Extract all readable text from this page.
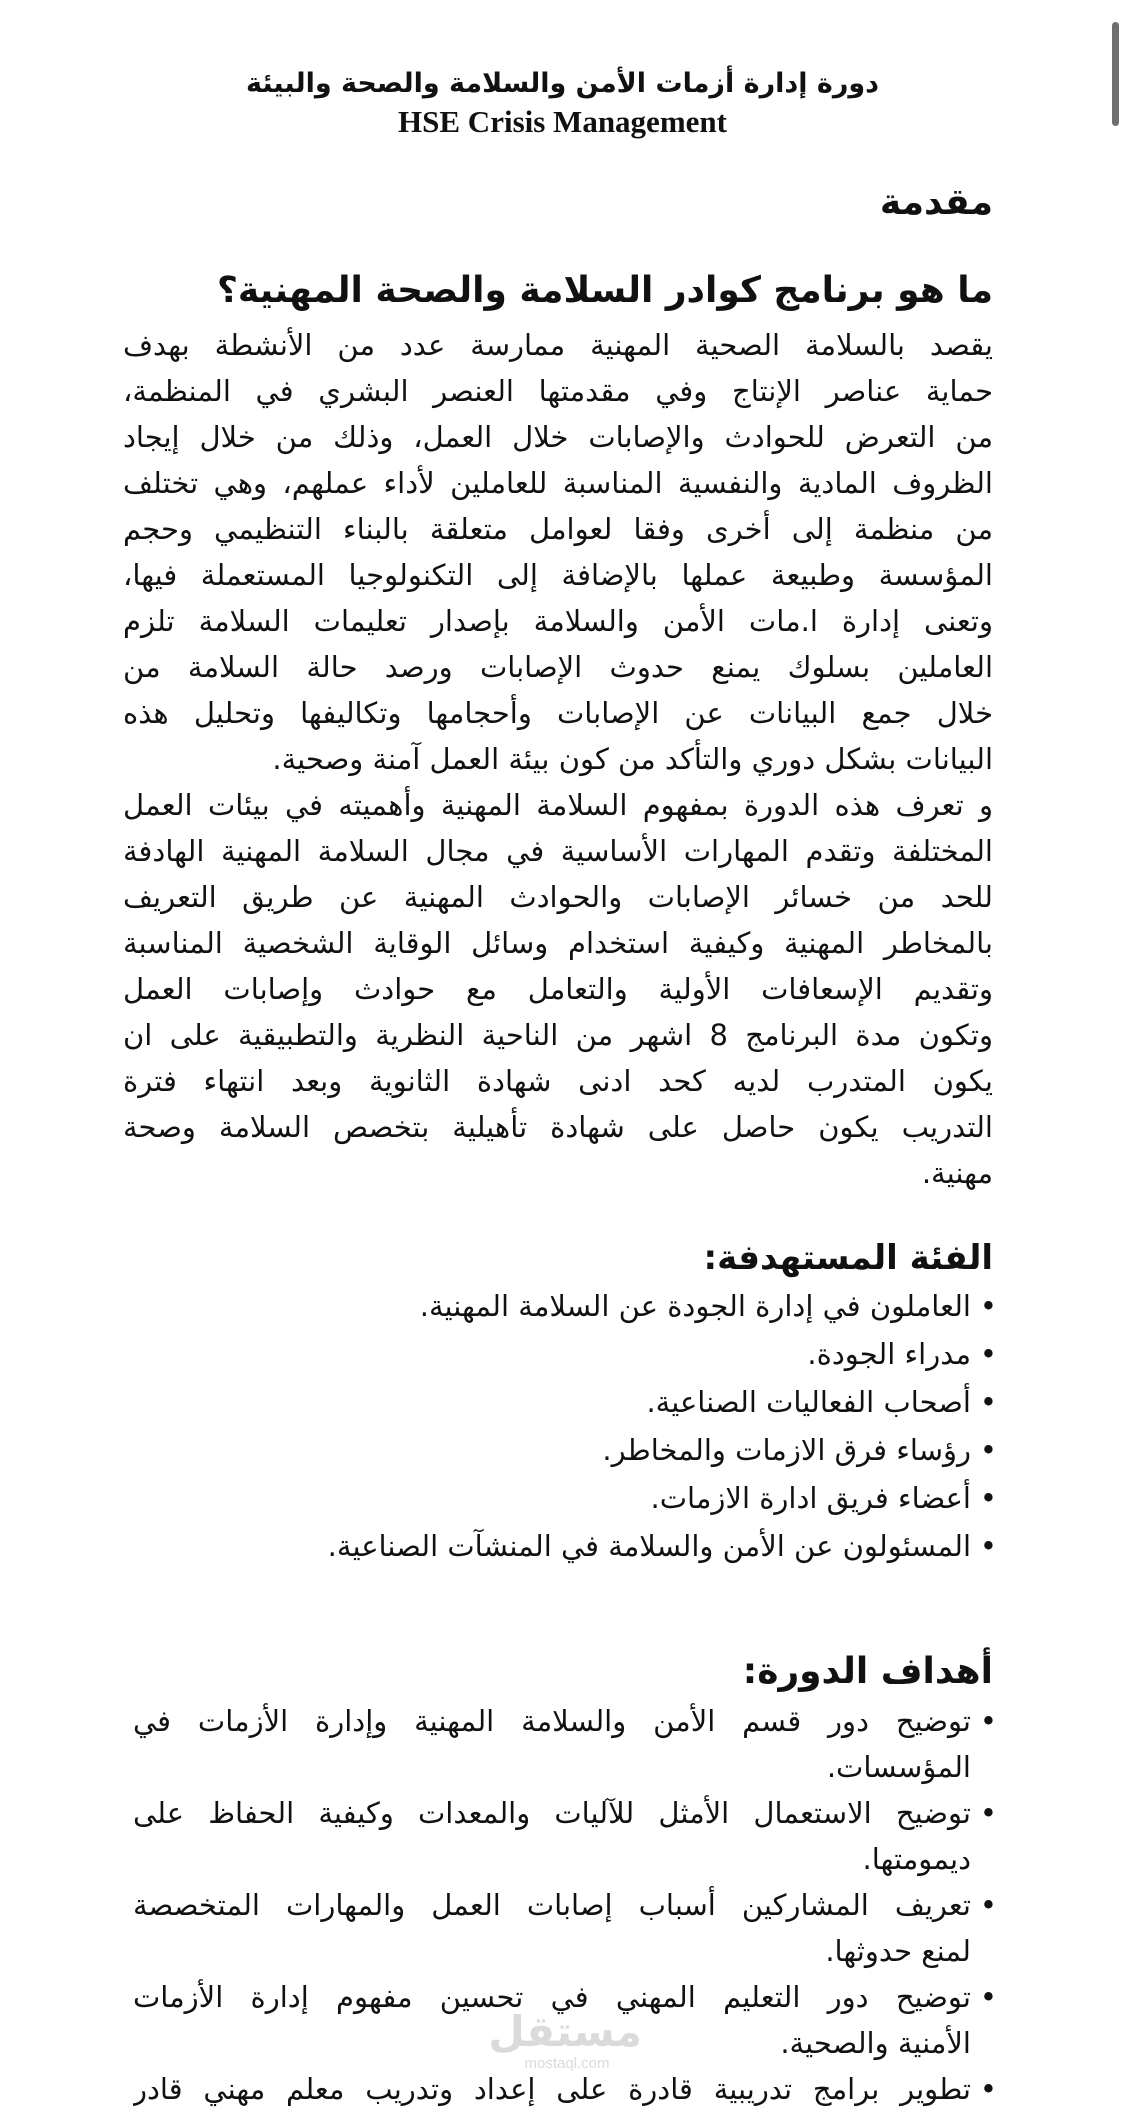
دورة إدارة أزمات الأمن والسلامة والصحة والبيئة
HSE Crisis Management
مقدمة
ما هو برنامج كوادر السلامة والصحة المهنية؟
يقصد بالسلامة الصحية المهنية ممارسة عدد من الأنشطة بهدف
حماية عناصر الإنتاج وفي مقدمتها العنصر البشري في المنظمة،
من التعرض للحوادث والإصابات خلال العمل، وذلك من خلال إيجاد
الظروف المادية والنفسية المناسبة للعاملين لأداء عملهم، وهي تختلف
من منظمة إلى أخرى وفقا لعوامل متعلقة بالبناء التنظيمي وحجم
المؤسسة وطبيعة عملها بالإضافة إلى التكنولوجيا المستعملة فيها،
وتعنى إدارة ا.مات الأمن والسلامة بإصدار تعليمات السلامة تلزم
العاملين بسلوك يمنع حدوث الإصابات ورصد حالة السلامة من
خلال جمع البيانات عن الإصابات وأحجامها وتكاليفها وتحليل هذه
البيانات بشكل دوري والتأكد من كون بيئة العمل آمنة وصحية.
و تعرف هذه الدورة بمفهوم السلامة المهنية وأهميته في بيئات العمل
المختلفة وتقدم المهارات الأساسية في مجال السلامة المهنية الهادفة
للحد من خسائر الإصابات والحوادث المهنية عن طريق التعريف
بالمخاطر المهنية وكيفية استخدام وسائل الوقاية الشخصية المناسبة
وتقديم الإسعافات الأولية والتعامل مع حوادث وإصابات العمل
وتكون مدة البرنامج 8 اشهر من الناحية النظرية والتطبيقية على ان
يكون المتدرب لديه كحد ادنى شهادة الثانوية وبعد انتهاء فترة
التدريب يكون حاصل على شهادة تأهيلية بتخصص السلامة وصحة
مهنية.
الفئة المستهدفة:
• العاملون في إدارة الجودة عن السلامة المهنية.
• مدراء الجودة.
• أصحاب الفعاليات الصناعية.
• رؤساء فرق الازمات والمخاطر.
• أعضاء فريق ادارة الازمات.
• المسئولون عن الأمن والسلامة في المنشآت الصناعية.
أهداف الدورة:
• توضيح دور قسم الأمن والسلامة المهنية وإدارة الأزمات في
المؤسسات.
• توضيح الاستعمال الأمثل للآليات والمعدات وكيفية الحفاظ على
ديمومتها.
• تعريف المشاركين أسباب إصابات العمل والمهارات المتخصصة
لمنع حدوثها.
• توضيح دور التعليم المهني في تحسين مفهوم إدارة الأزمات
الأمنية والصحية.
• تطوير برامج تدريبية قادرة على إعداد وتدريب معلم مهني قادر
مستقل
mostaql.com
